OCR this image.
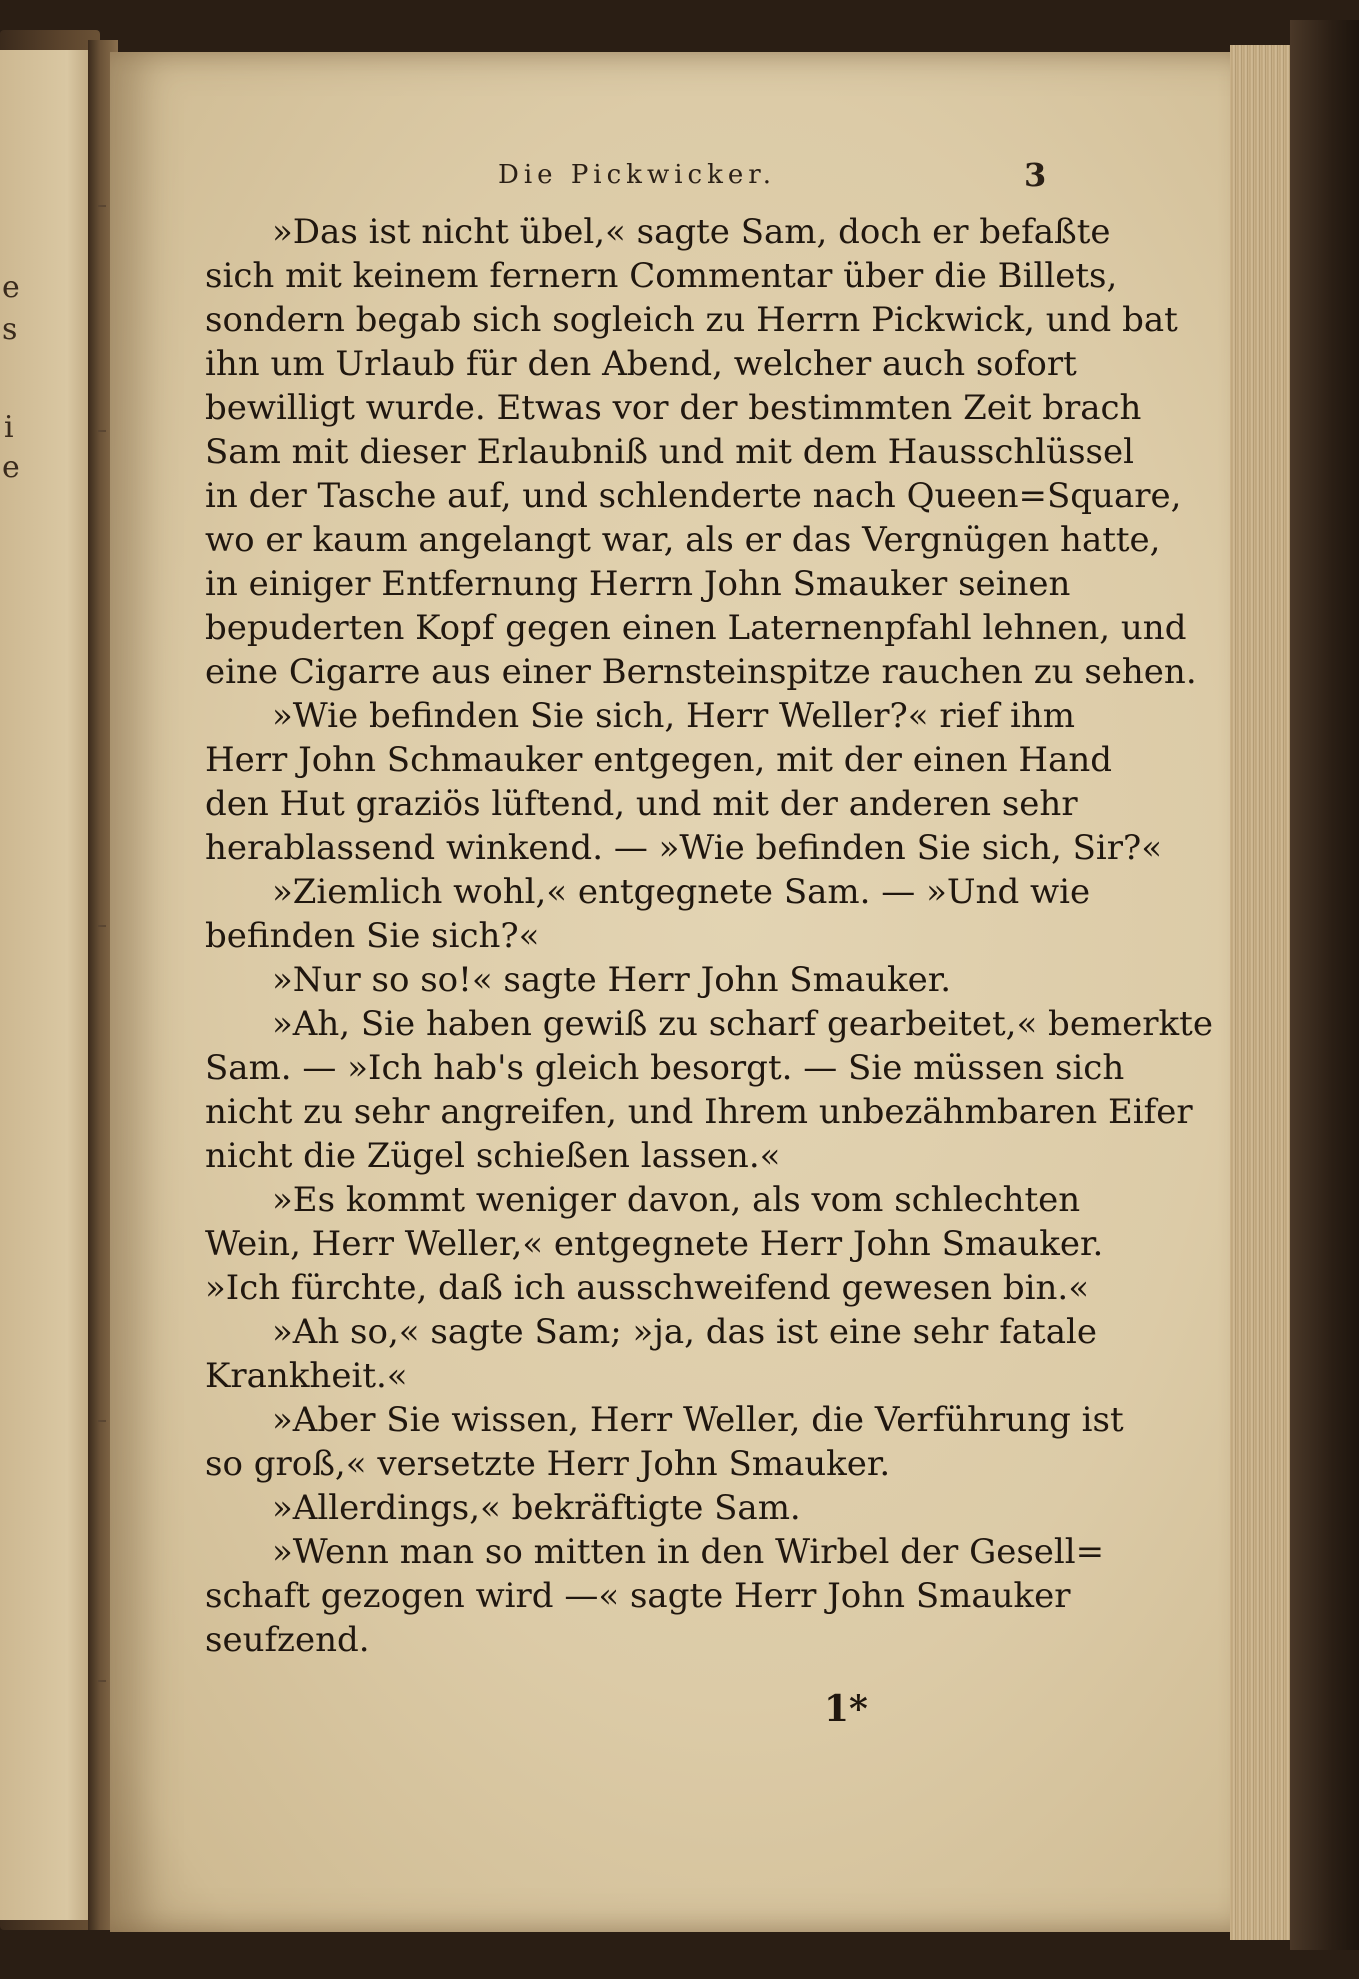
e
s
i
e
Die Pickwicker.	3
»Das ist nicht übel,« sagte Sam, doch er befaßte
sich mit keinem fernern Commentar über die Billets,
sondern begab sich sogleich zu Herrn Pickwick, und bat
ihn um Urlaub für den Abend, welcher auch sofort
bewilligt wurde. Etwas vor der bestimmten Zeit brach
Sam mit dieser Erlaubniß und mit dem Hausschlüssel
in der Tasche auf, und schlenderte nach Queen=Square,
wo er kaum angelangt war, als er das Vergnügen hatte,
in einiger Entfernung Herrn John Smauker seinen
bepuderten Kopf gegen einen Laternenpfahl lehnen, und
eine Cigarre aus einer Bernsteinspitze rauchen zu sehen.
»Wie befinden Sie sich, Herr Weller?« rief ihm
Herr John Schmauker entgegen, mit der einen Hand
den Hut graziös lüftend, und mit der anderen sehr
herablassend winkend. — »Wie befinden Sie sich, Sir?«
»Ziemlich wohl,« entgegnete Sam. — »Und wie
befinden Sie sich?«
»Nur so so!« sagte Herr John Smauker.
»Ah, Sie haben gewiß zu scharf gearbeitet,« bemerkte
Sam. — »Ich hab's gleich besorgt. — Sie müssen sich
nicht zu sehr angreifen, und Ihrem unbezähmbaren Eifer
nicht die Zügel schießen lassen.«
»Es kommt weniger davon, als vom schlechten
Wein, Herr Weller,« entgegnete Herr John Smauker.
»Ich fürchte, daß ich ausschweifend gewesen bin.«
»Ah so,« sagte Sam; »ja, das ist eine sehr fatale
Krankheit.«
»Aber Sie wissen, Herr Weller, die Verführung ist
so groß,« versetzte Herr John Smauker.
»Allerdings,« bekräftigte Sam.
»Wenn man so mitten in den Wirbel der Gesell=
schaft gezogen wird —« sagte Herr John Smauker
seufzend.
1*
